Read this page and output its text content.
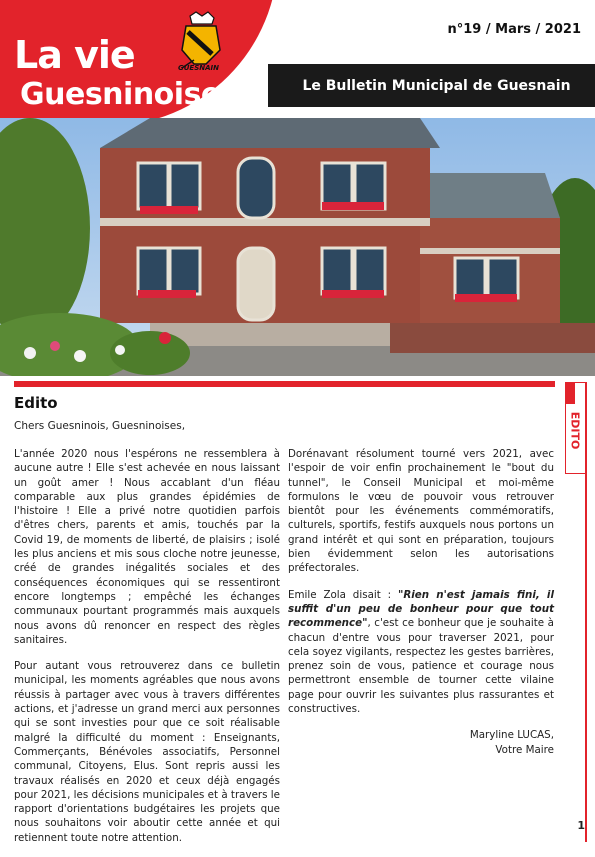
La vie
Guesninoise
GUESNAIN
n°19 / Mars / 2021
Le Bulletin Municipal de Guesnain
EDITO
Edito
Chers Guesninois, Guesninoises,

L'année 2020 nous l'espérons ne ressemblera à aucune autre ! Elle s'est achevée en nous laissant un goût amer ! Nous accablant d'un fléau comparable aux plus grandes épidémies de l'histoire ! Elle a privé notre quotidien parfois d'êtres chers, parents et amis, touchés par la Covid 19, de moments de liberté, de plaisirs ; isolé les plus anciens et mis sous cloche notre jeunesse, créé de grandes inégalités sociales et des conséquences économiques qui se ressentiront encore longtemps ; empêché les échanges communaux pourtant programmés mais auxquels nous avons dû renoncer en respect des règles sanitaires.

Pour autant vous retrouverez dans ce bulletin municipal, les moments agréables que nous avons réussis à partager avec vous à travers différentes actions, et j'adresse un grand merci aux personnes qui se sont investies pour que ce soit réalisable malgré la difficulté du moment : Enseignants, Commerçants, Bénévoles associatifs, Personnel communal, Citoyens, Elus. Sont repris aussi les travaux réalisés en 2020 et ceux déjà engagés pour 2021, les décisions municipales et à travers le rapport d'orientations budgétaires les projets que nous souhaitons voir aboutir cette année et qui retiennent toute notre attention.

Dorénavant résolument tourné vers 2021, avec l'espoir de voir enfin prochainement le "bout du tunnel", le Conseil Municipal et moi-même formulons le vœu de pouvoir vous retrouver bientôt pour les événements commémoratifs, culturels, sportifs, festifs auxquels nous portons un grand intérêt et qui sont en préparation, toujours bien évidemment selon les autorisations préfectorales.

Emile Zola disait : "Rien n'est jamais fini, il suffit d'un peu de bonheur pour que tout recommence", c'est ce bonheur que je souhaite à chacun d'entre vous pour traverser 2021, pour cela soyez vigilants, respectez les gestes barrières, prenez soin de vous, patience et courage nous permettront ensemble de tourner cette vilaine page pour ouvrir les suivantes plus rassurantes et constructives.

Maryline LUCAS,
Votre Maire
1
